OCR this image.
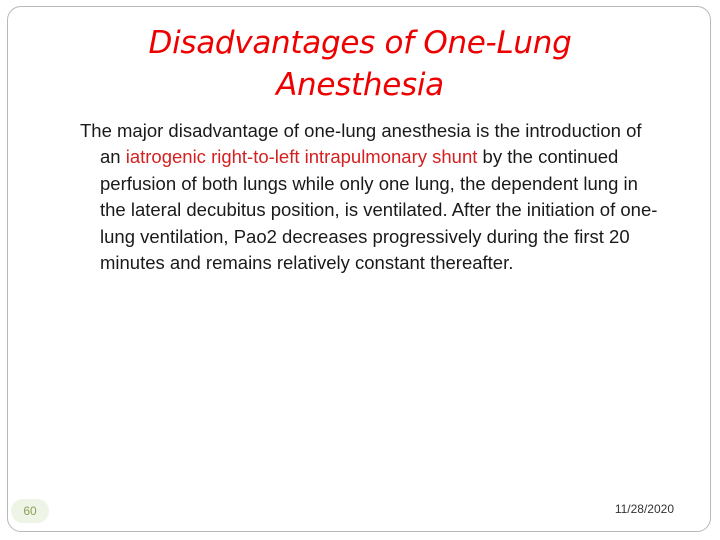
Disadvantages of One-Lung
Anesthesia

The major disadvantage of one-lung anesthesia is the introduction of an iatrogenic right-to-left intrapulmonary shunt by the continued perfusion of both lungs while only one lung, the dependent lung in the lateral decubitus position, is ventilated. After the initiation of one-lung ventilation, Pao2 decreases progressively during the first 20 minutes and remains relatively constant thereafter.

60	11/28/2020
